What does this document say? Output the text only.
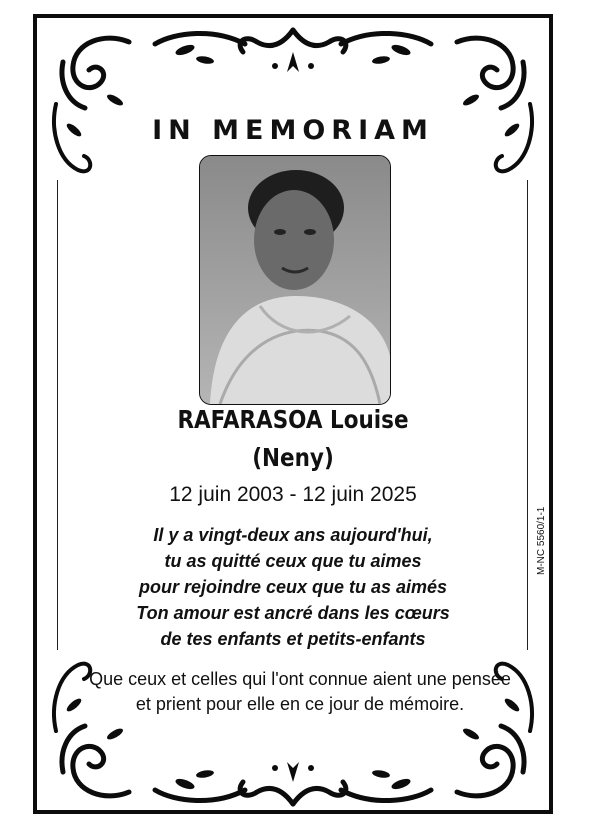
IN MEMORIAM
RAFARASOA Louise
(Neny)
12 juin 2003 - 12 juin 2025
Il y a vingt-deux ans aujourd'hui,
tu as quitté ceux que tu aimes
pour rejoindre ceux que tu as aimés
Ton amour est ancré dans les cœurs
de tes enfants et petits-enfants
Que ceux et celles qui l'ont connue aient une pensée
et prient pour elle en ce jour de mémoire.
M-NC 5560/1-1
